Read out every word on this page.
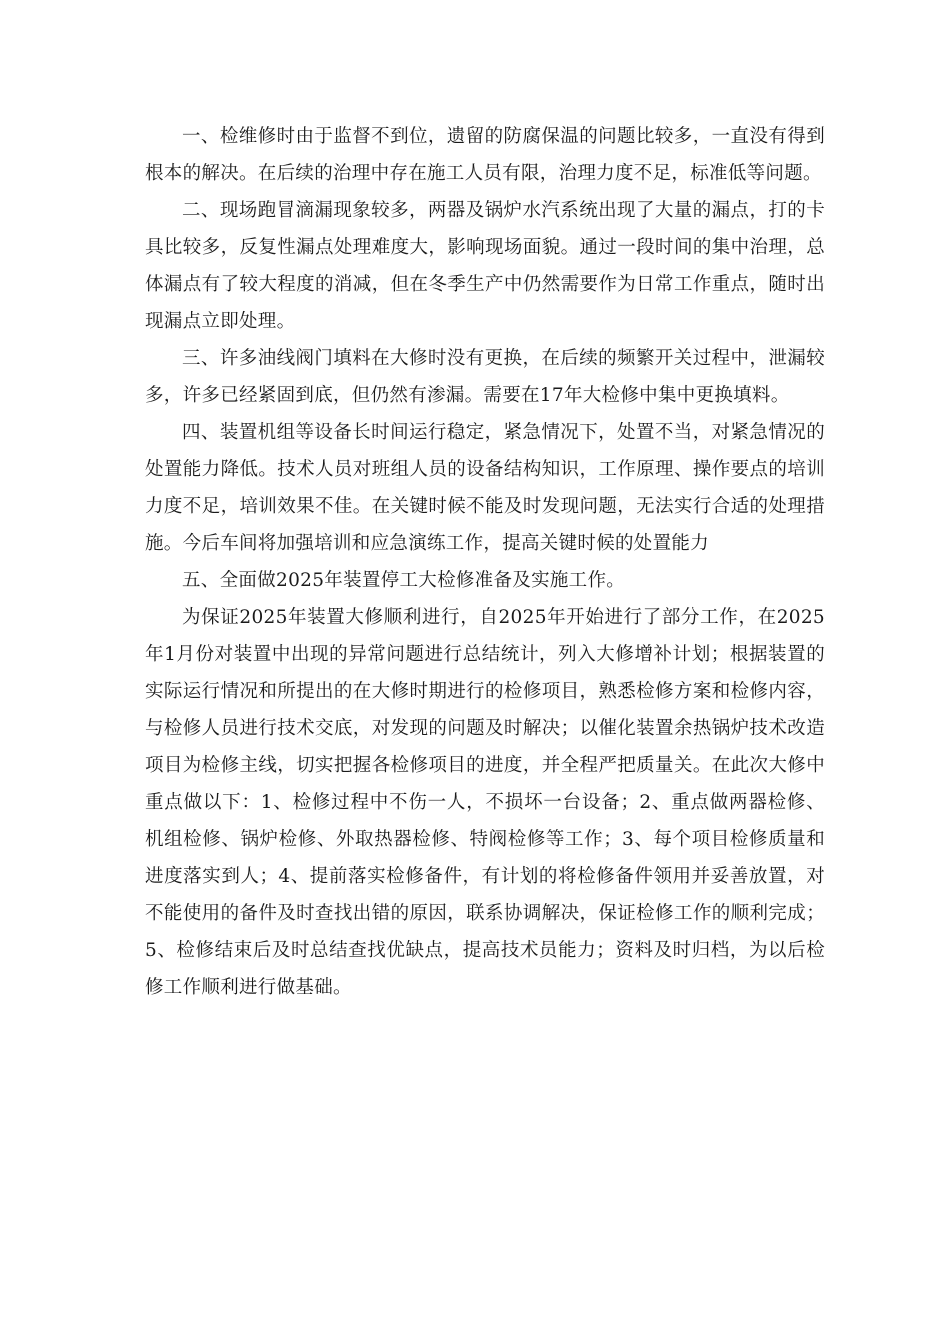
一、检维修时由于监督不到位，遗留的防腐保温的问题比较多，一直没有得到根本的解决。在后续的治理中存在施工人员有限，治理力度不足，标准低等问题。

二、现场跑冒滴漏现象较多，两器及锅炉水汽系统出现了大量的漏点，打的卡具比较多，反复性漏点处理难度大，影响现场面貌。通过一段时间的集中治理，总体漏点有了较大程度的消减，但在冬季生产中仍然需要作为日常工作重点，随时出现漏点立即处理。

三、许多油线阀门填料在大修时没有更换，在后续的频繁开关过程中，泄漏较多，许多已经紧固到底，但仍然有渗漏。需要在17年大检修中集中更换填料。

四、装置机组等设备长时间运行稳定，紧急情况下，处置不当，对紧急情况的处置能力降低。技术人员对班组人员的设备结构知识，工作原理、操作要点的培训力度不足，培训效果不佳。在关键时候不能及时发现问题，无法实行合适的处理措施。今后车间将加强培训和应急演练工作，提高关键时候的处置能力

五、全面做2025年装置停工大检修准备及实施工作。

为保证2025年装置大修顺利进行，自2025年开始进行了部分工作，在2025年1月份对装置中出现的异常问题进行总结统计，列入大修增补计划；根据装置的实际运行情况和所提出的在大修时期进行的检修项目，熟悉检修方案和检修内容，与检修人员进行技术交底，对发现的问题及时解决；以催化装置余热锅炉技术改造项目为检修主线，切实把握各检修项目的进度，并全程严把质量关。在此次大修中重点做以下：1、检修过程中不伤一人，不损坏一台设备；2、重点做两器检修、机组检修、锅炉检修、外取热器检修、特阀检修等工作；3、每个项目检修质量和进度落实到人；4、提前落实检修备件，有计划的将检修备件领用并妥善放置，对不能使用的备件及时查找出错的原因，联系协调解决，保证检修工作的顺利完成；5、检修结束后及时总结查找优缺点，提高技术员能力；资料及时归档，为以后检修工作顺利进行做基础。
